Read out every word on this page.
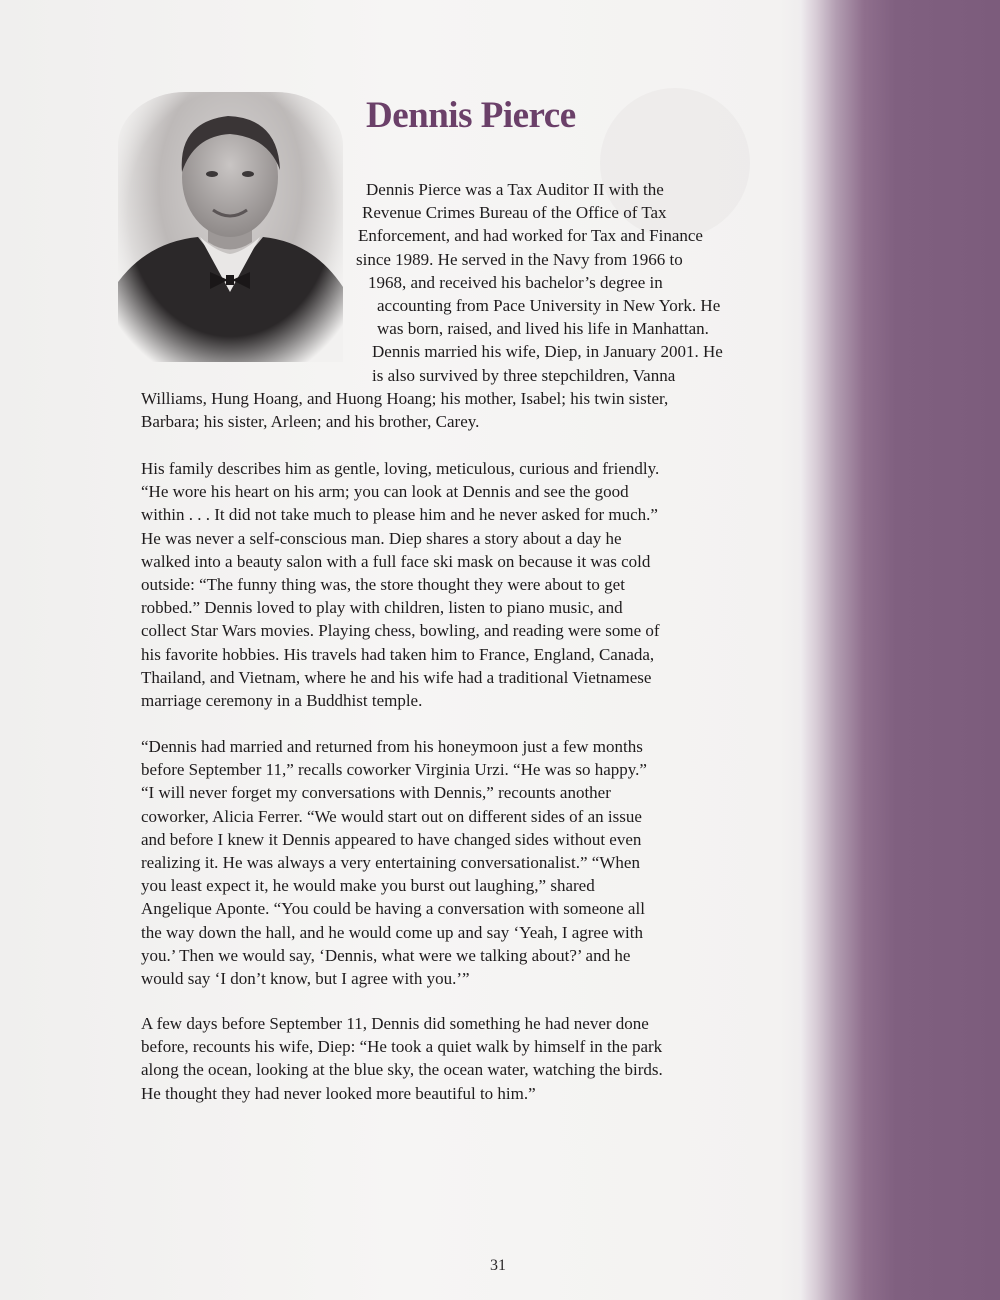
Dennis Pierce

Dennis Pierce was a Tax Auditor II with the
Revenue Crimes Bureau of the Office of Tax
Enforcement, and had worked for Tax and Finance
since 1989. He served in the Navy from 1966 to
1968, and received his bachelor’s degree in
accounting from Pace University in New York. He
was born, raised, and lived his life in Manhattan.
Dennis married his wife, Diep, in January 2001. He
is also survived by three stepchildren, Vanna
Williams, Hung Hoang, and Huong Hoang; his mother, Isabel; his twin sister,
Barbara; his sister, Arleen; and his brother, Carey.

His family describes him as gentle, loving, meticulous, curious and friendly.
“He wore his heart on his arm; you can look at Dennis and see the good
within . . . It did not take much to please him and he never asked for much.”
He was never a self-conscious man. Diep shares a story about a day he
walked into a beauty salon with a full face ski mask on because it was cold
outside: “The funny thing was, the store thought they were about to get
robbed.” Dennis loved to play with children, listen to piano music, and
collect Star Wars movies. Playing chess, bowling, and reading were some of
his favorite hobbies. His travels had taken him to France, England, Canada,
Thailand, and Vietnam, where he and his wife had a traditional Vietnamese
marriage ceremony in a Buddhist temple.

“Dennis had married and returned from his honeymoon just a few months
before September 11,” recalls coworker Virginia Urzi. “He was so happy.”
“I will never forget my conversations with Dennis,” recounts another
coworker, Alicia Ferrer. “We would start out on different sides of an issue
and before I knew it Dennis appeared to have changed sides without even
realizing it. He was always a very entertaining conversationalist.” “When
you least expect it, he would make you burst out laughing,” shared
Angelique Aponte. “You could be having a conversation with someone all
the way down the hall, and he would come up and say ‘Yeah, I agree with
you.’ Then we would say, ‘Dennis, what were we talking about?’ and he
would say ‘I don’t know, but I agree with you.’”

A few days before September 11, Dennis did something he had never done
before, recounts his wife, Diep: “He took a quiet walk by himself in the park
along the ocean, looking at the blue sky, the ocean water, watching the birds.
He thought they had never looked more beautiful to him.”

31
